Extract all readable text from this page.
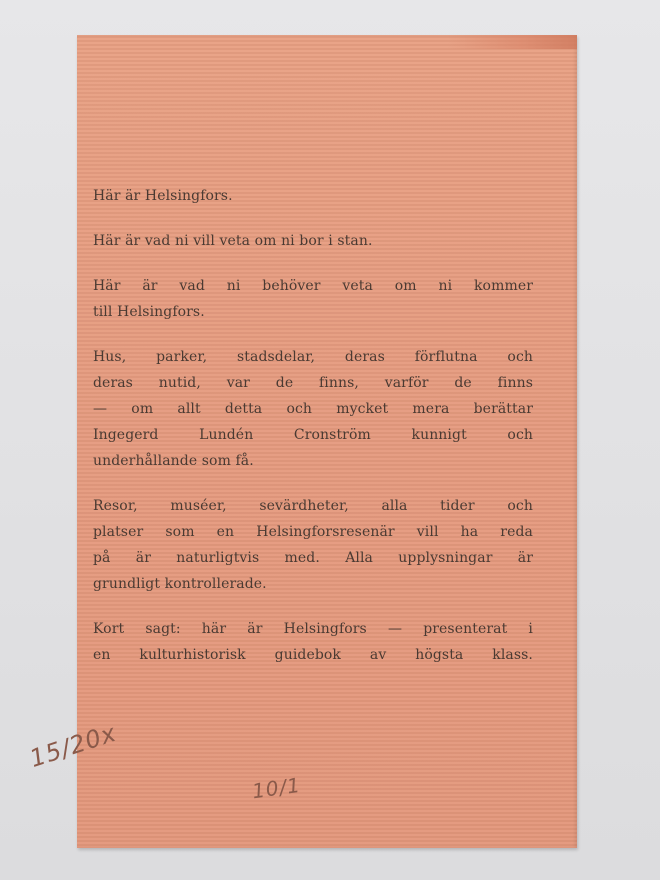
Här är Helsingfors.

Här är vad ni vill veta om ni bor i stan.

Här är vad ni behöver veta om ni kommer
till Helsingfors.

Hus, parker, stadsdelar, deras förflutna och
deras nutid, var de finns, varför de finns
— om allt detta och mycket mera berättar
Ingegerd Lundén Cronström kunnigt och
underhållande som få.

Resor, muséer, sevärdheter, alla tider och
platser som en Helsingforsresenär vill ha reda
på är naturligtvis med. Alla upplysningar är
grundligt kontrollerade.

Kort sagt: här är Helsingfors — presenterat i
en kulturhistorisk guidebok av högsta klass.

15/20x
10/1
